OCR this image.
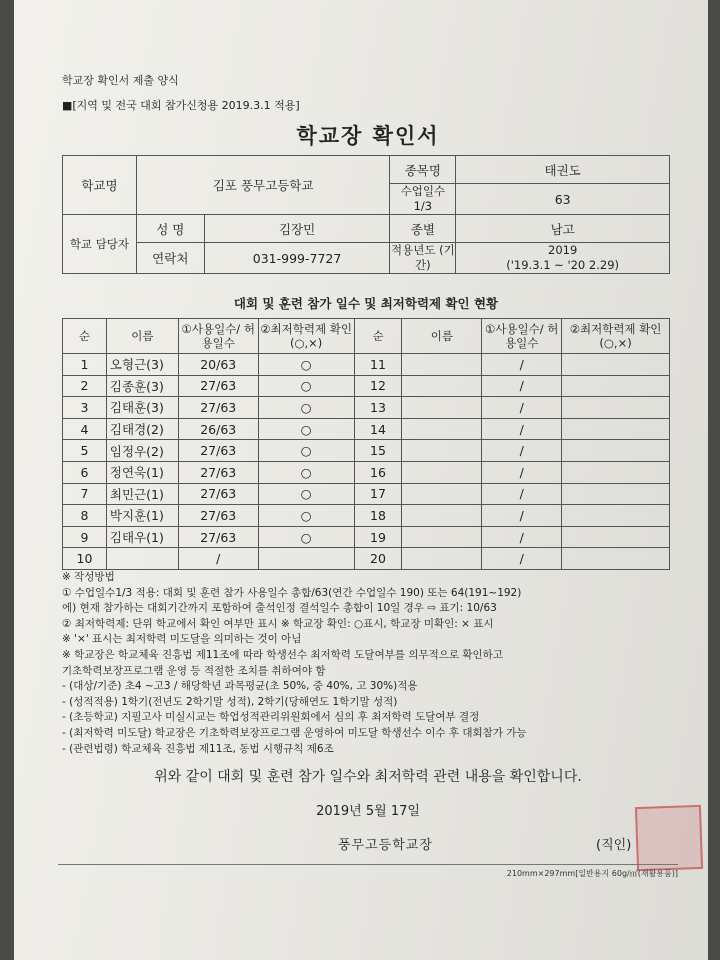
학교장 확인서 제출 양식
■[지역 및 전국 대회 참가신청용 2019.3.1 적용]
학교장 확인서
학교명	김포 풍무고등학교		종목명	태권도
			수업일수 1/3	63
학교 담당자	성 명	김장민	종별	남고
	연락처	031-999-7727	적용년도 (기간)	2019
('19.3.1 ~ '20 2.29)
대회 및 훈련 참가 일수 및 최저학력제 확인 현황
순	이름	①사용일수/ 허용일수	②최저학력제 확인(○,×)	순	이름	①사용일수/ 허용일수	②최저학력제 확인(○,×)
1	오형근(3)	20/63	○	11		/	
2	김종훈(3)	27/63	○	12		/	
3	김태훈(3)	27/63	○	13		/	
4	김태경(2)	26/63	○	14		/	
5	임정우(2)	27/63	○	15		/	
6	정연욱(1)	27/63	○	16		/	
7	최민근(1)	27/63	○	17		/	
8	박지훈(1)	27/63	○	18		/	
9	김태우(1)	27/63	○	19		/	
10		/		20		/	
※ 작성방법
① 수업일수1/3 적용: 대회 및 훈련 참가 사용일수 총합/63(연간 수업일수 190) 또는 64(191~192)
에) 현재 참가하는 대회기간까지 포함하여 출석인정 결석일수 총합이 10일 경우 ⇨ 표기: 10/63
② 최저학력제: 단위 학교에서 확인 여부만 표시 ※ 학교장 확인: ○표시, 학교장 미확인: × 표시
※ '×' 표시는 최저학력 미도달을 의미하는 것이 아님
※ 학교장은 학교체육 진흥법 제11조에 따라 학생선수 최저학력 도달여부를 의무적으로 확인하고
기초학력보장프로그램 운영 등 적절한 조치를 취하여야 함
- (대상/기준) 초4 ~고3 / 해당학년 과목평균(초 50%, 중 40%, 고 30%)적용
- (성적적용) 1학기(전년도 2학기말 성적), 2학기(당해연도 1학기말 성적)
- (초등학교) 지필고사 미실시교는 학업성적관리위원회에서 심의 후 최저학력 도달여부 결정
- (최저학력 미도달) 학교장은 기초학력보장프로그램 운영하여 미도달 학생선수 이수 후 대회참가 가능
- (관련법령) 학교체육 진흥법 제11조, 동법 시행규칙 제6조
위와 같이 대회 및 훈련 참가 일수와 최저학력 관련 내용을 확인합니다.
2019년 5월 17일
풍무고등학교장	(직인)
210mm×297mm[일반용지 60g/㎡(재활용품)]
